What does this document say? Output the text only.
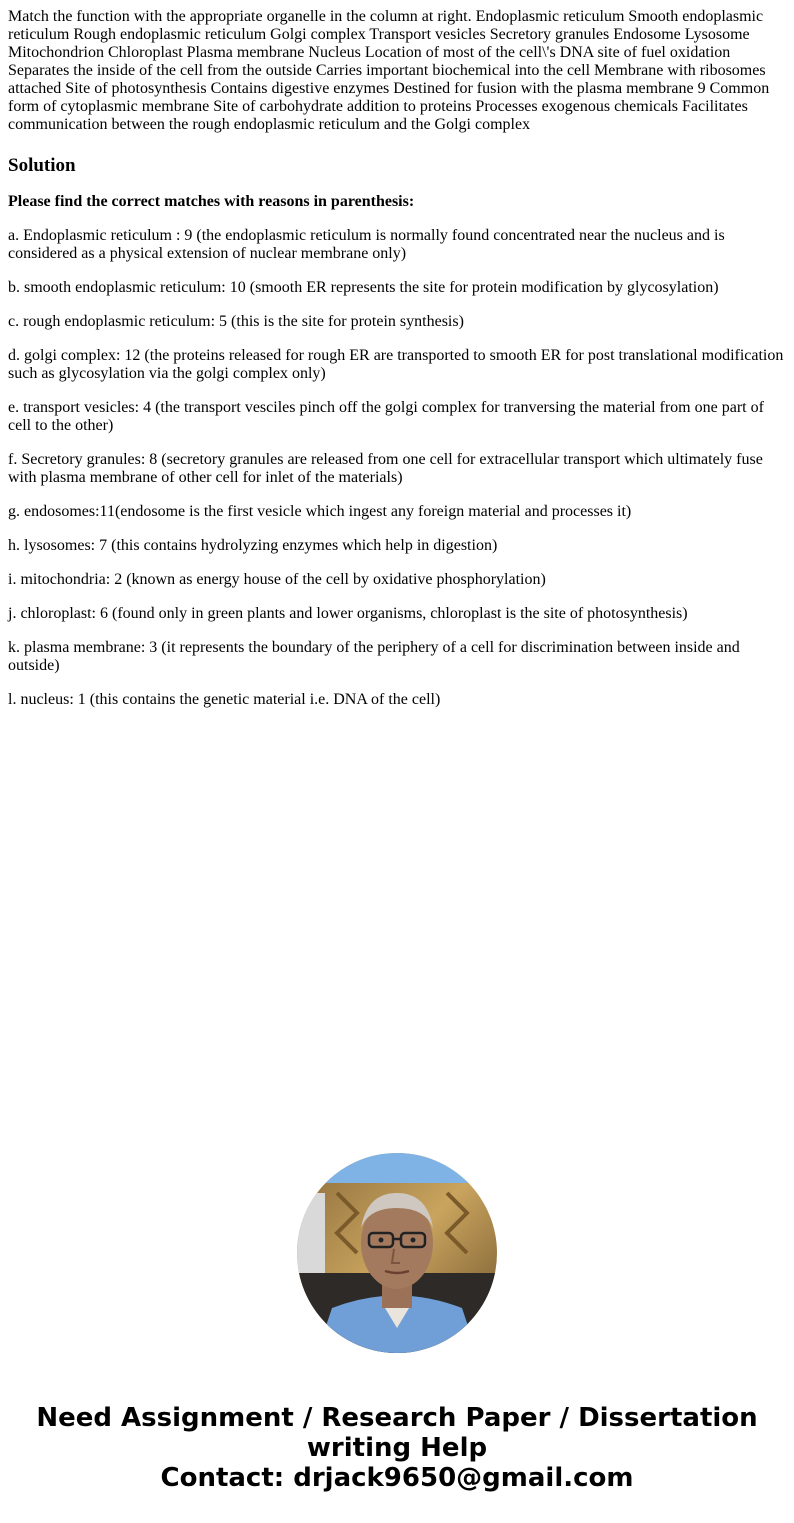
Match the function with the appropriate organelle in the column at right. Endoplasmic reticulum Smooth endoplasmic reticulum Rough endoplasmic reticulum Golgi complex Transport vesicles Secretory granules Endosome Lysosome Mitochondrion Chloroplast Plasma membrane Nucleus Location of most of the cell\'s DNA site of fuel oxidation Separates the inside of the cell from the outside Carries important biochemical into the cell Membrane with ribosomes attached Site of photosynthesis Contains digestive enzymes Destined for fusion with the plasma membrane 9 Common form of cytoplasmic membrane Site of carbohydrate addition to proteins Processes exogenous chemicals Facilitates communication between the rough endoplasmic reticulum and the Golgi complex

Solution

Please find the correct matches with reasons in parenthesis:

a. Endoplasmic reticulum : 9 (the endoplasmic reticulum is normally found concentrated near the nucleus and is considered as a physical extension of nuclear membrane only)

b. smooth endoplasmic reticulum: 10 (smooth ER represents the site for protein modification by glycosylation)

c. rough endoplasmic reticulum: 5 (this is the site for protein synthesis)

d. golgi complex: 12 (the proteins released for rough ER are transported to smooth ER for post translational modification such as glycosylation via the golgi complex only)

e. transport vesicles: 4 (the transport vesciles pinch off the golgi complex for tranversing the material from one part of cell to the other)

f. Secretory granules: 8 (secretory granules are released from one cell for extracellular transport which ultimately fuse with plasma membrane of other cell for inlet of the materials)

g. endosomes:11(endosome is the first vesicle which ingest any foreign material and processes it)

h. lysosomes: 7 (this contains hydrolyzing enzymes which help in digestion)

i. mitochondria: 2 (known as energy house of the cell by oxidative phosphorylation)

j. chloroplast: 6 (found only in green plants and lower organisms, chloroplast is the site of photosynthesis)

k. plasma membrane: 3 (it represents the boundary of the periphery of a cell for discrimination between inside and outside)

l. nucleus: 1 (this contains the genetic material i.e. DNA of the cell)

Need Assignment / Research Paper / Dissertation
writing Help
Contact: drjack9650@gmail.com
